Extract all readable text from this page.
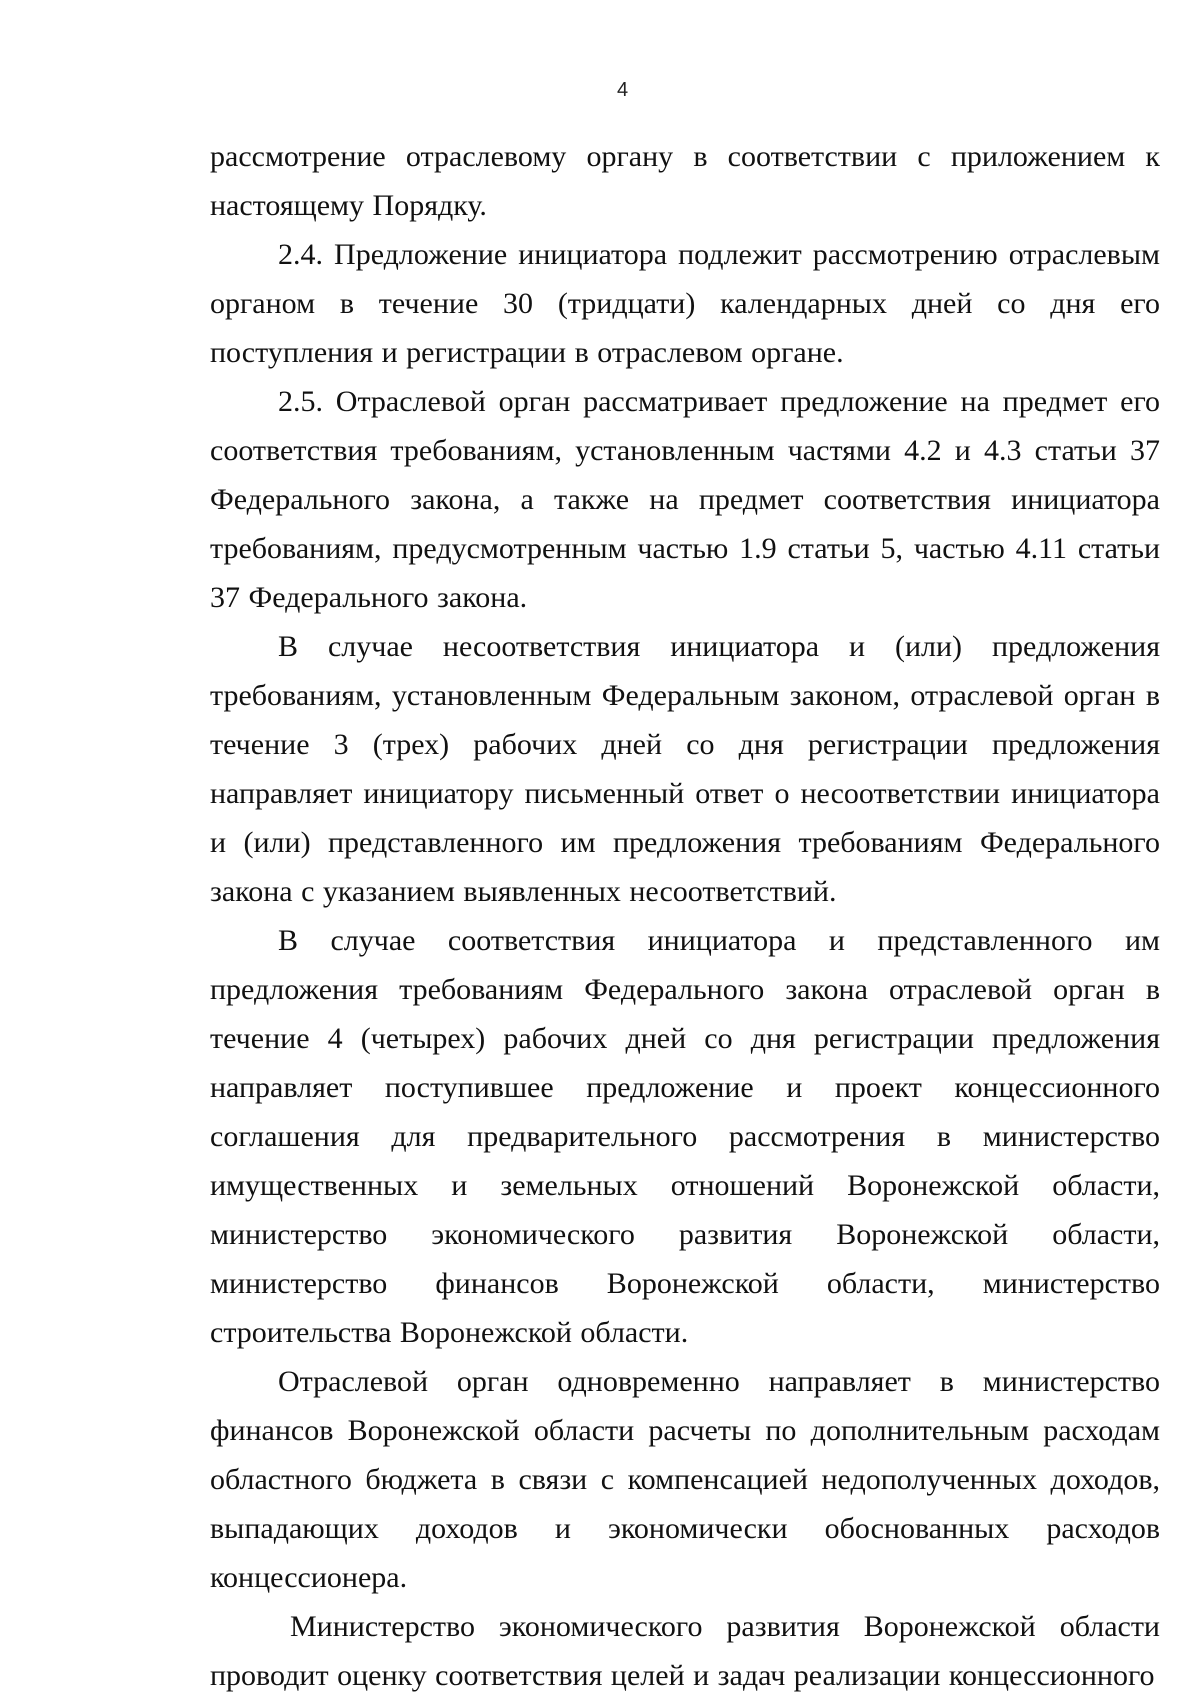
4

рассмотрение отраслевому органу в соответствии с приложением к настоящему Порядку.

2.4. Предложение инициатора подлежит рассмотрению отраслевым органом в течение 30 (тридцати) календарных дней со дня его поступления и регистрации в отраслевом органе.

2.5. Отраслевой орган рассматривает предложение на предмет его соответствия требованиям, установленным частями 4.2 и 4.3 статьи 37 Федерального закона, а также на предмет соответствия инициатора требованиям, предусмотренным частью 1.9 статьи 5, частью 4.11 статьи 37 Федерального закона.

В случае несоответствия инициатора и (или) предложения требованиям, установленным Федеральным законом, отраслевой орган в течение 3 (трех) рабочих дней со дня регистрации предложения направляет инициатору письменный ответ о несоответствии инициатора и (или) представленного им предложения требованиям Федерального закона с указанием выявленных несоответствий.

В случае соответствия инициатора и представленного им предложения требованиям Федерального закона отраслевой орган в течение 4 (четырех) рабочих дней со дня регистрации предложения направляет поступившее предложение и проект концессионного соглашения для предварительного рассмотрения в министерство имущественных и земельных отношений Воронежской области, министерство экономического развития Воронежской области, министерство финансов Воронежской области, министерство строительства Воронежской области.

Отраслевой орган одновременно направляет в министерство финансов Воронежской области расчеты по дополнительным расходам областного бюджета в связи с компенсацией недополученных доходов, выпадающих доходов и экономически обоснованных расходов концессионера.

Министерство экономического развития Воронежской области проводит оценку соответствия целей и задач реализации концессионного
